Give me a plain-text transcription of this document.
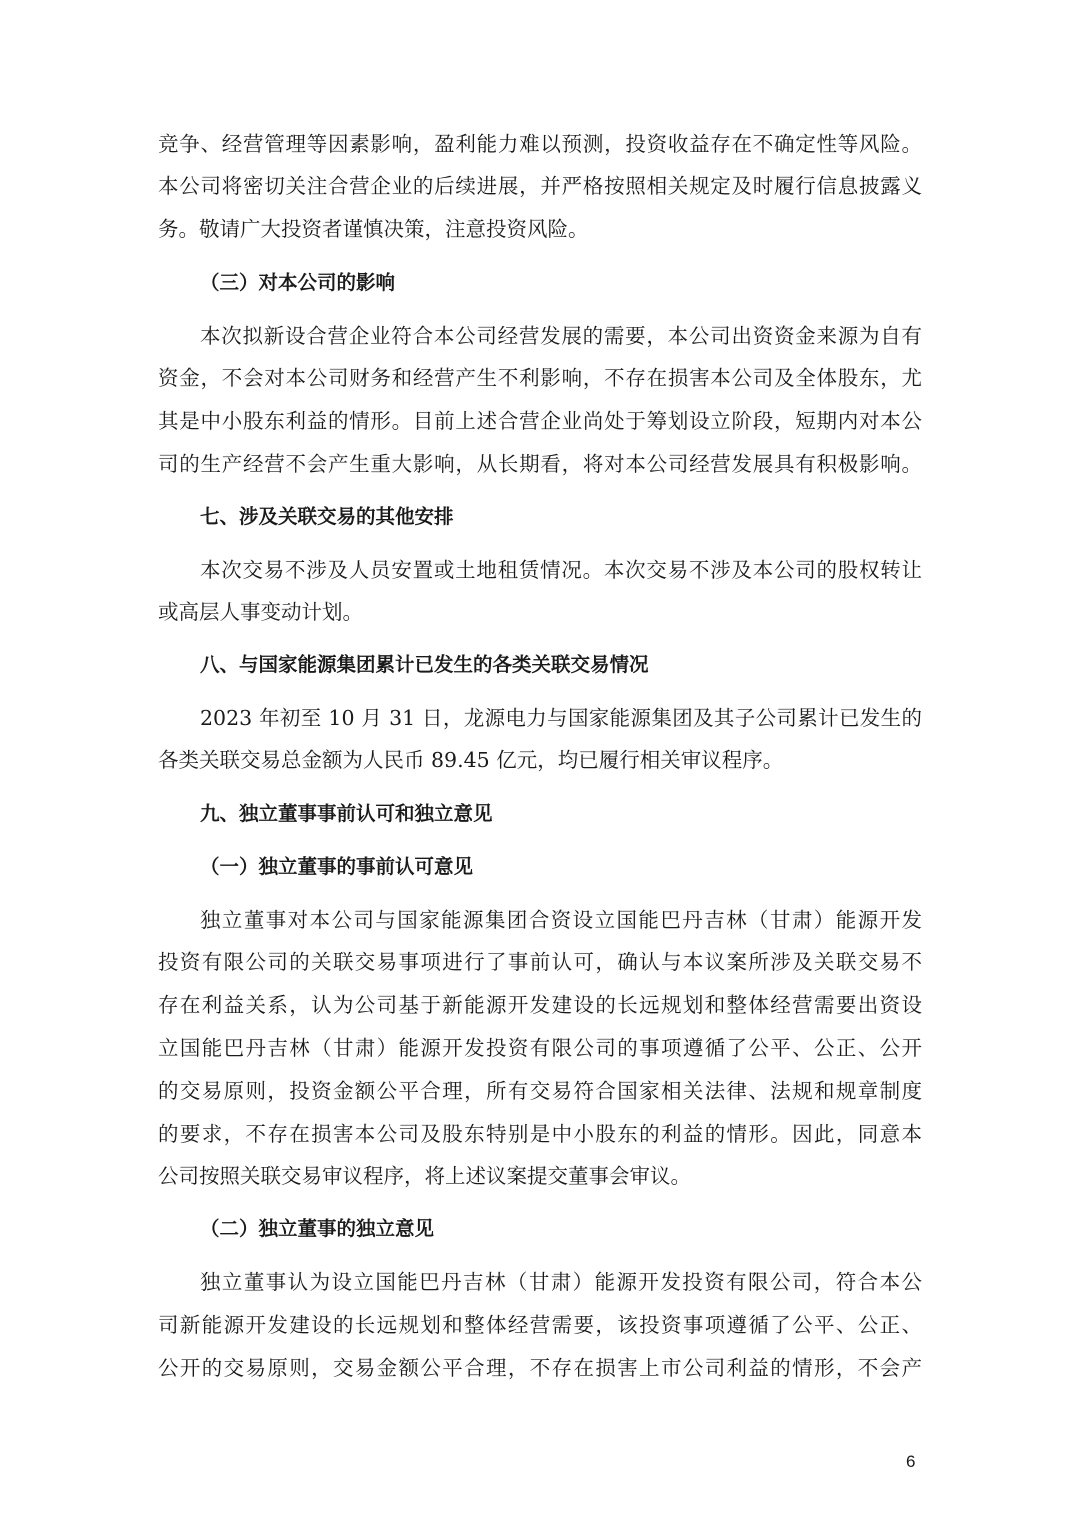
竞争、经营管理等因素影响，盈利能力难以预测，投资收益存在不确定性等风险。
本公司将密切关注合营企业的后续进展，并严格按照相关规定及时履行信息披露义
务。敬请广大投资者谨慎决策，注意投资风险。
（三）对本公司的影响
本次拟新设合营企业符合本公司经营发展的需要，本公司出资资金来源为自有
资金，不会对本公司财务和经营产生不利影响，不存在损害本公司及全体股东，尤
其是中小股东利益的情形。目前上述合营企业尚处于筹划设立阶段，短期内对本公
司的生产经营不会产生重大影响，从长期看，将对本公司经营发展具有积极影响。
七、涉及关联交易的其他安排
本次交易不涉及人员安置或土地租赁情况。本次交易不涉及本公司的股权转让
或高层人事变动计划。
八、与国家能源集团累计已发生的各类关联交易情况
2023 年初至 10 月 31 日，龙源电力与国家能源集团及其子公司累计已发生的
各类关联交易总金额为人民币 89.45 亿元，均已履行相关审议程序。
九、独立董事事前认可和独立意见
（一）独立董事的事前认可意见
独立董事对本公司与国家能源集团合资设立国能巴丹吉林（甘肃）能源开发
投资有限公司的关联交易事项进行了事前认可，确认与本议案所涉及关联交易不
存在利益关系，认为公司基于新能源开发建设的长远规划和整体经营需要出资设
立国能巴丹吉林（甘肃）能源开发投资有限公司的事项遵循了公平、公正、公开
的交易原则，投资金额公平合理，所有交易符合国家相关法律、法规和规章制度
的要求，不存在损害本公司及股东特别是中小股东的利益的情形。因此，同意本
公司按照关联交易审议程序，将上述议案提交董事会审议。
（二）独立董事的独立意见
独立董事认为设立国能巴丹吉林（甘肃）能源开发投资有限公司，符合本公
司新能源开发建设的长远规划和整体经营需要，该投资事项遵循了公平、公正、
公开的交易原则，交易金额公平合理，不存在损害上市公司利益的情形，不会产
6
